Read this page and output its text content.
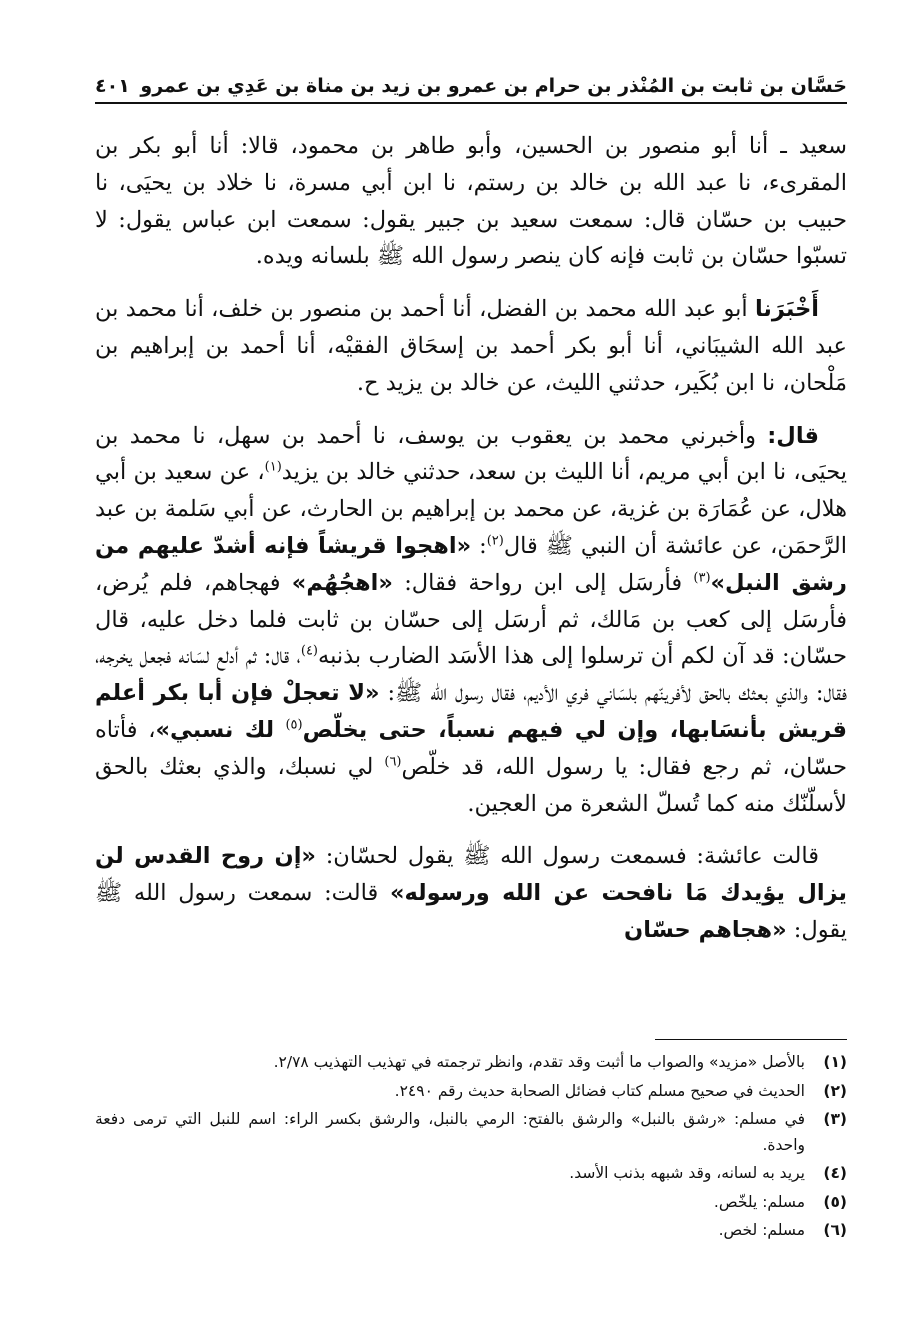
حَسَّان بن ثابت بن المُنْذر بن حرام بن عمرو بن زيد بن مناة بن عَدِي بن عمرو
٤٠١

سعيد ـ أنا أبو منصور بن الحسين، وأبو طاهر بن محمود، قالا: أنا أبو بكر بن المقرىء، نا عبد الله بن خالد بن رستم، نا ابن أبي مسرة، نا خلاد بن يحيَى، نا حبيب بن حسّان قال: سمعت سعيد بن جبير يقول: سمعت ابن عباس يقول: لا تسبّوا حسّان بن ثابت فإنه كان ينصر رسول الله ﷺ بلسانه ويده.

أَخْبَرَنا أبو عبد الله محمد بن الفضل، أنا أحمد بن منصور بن خلف، أنا محمد بن عبد الله الشيبَاني، أنا أبو بكر أحمد بن إسحَاق الفقيْه، أنا أحمد بن إبراهيم بن مَلْحان، نا ابن بُكَير، حدثني الليث، عن خالد بن يزيد ح.

قال: وأخبرني محمد بن يعقوب بن يوسف، نا أحمد بن سهل، نا محمد بن يحيَى، نا ابن أبي مريم، أنا الليث بن سعد، حدثني خالد بن يزيد$^{(١)}$، عن سعيد بن أبي هلال، عن عُمَارَة بن غزية، عن محمد بن إبراهيم بن الحارث، عن أبي سَلمة بن عبد الرَّحمَن، عن عائشة أن النبي ﷺ قال$^{(٢)}$: «اهجوا قريشاً فإنه أشدّ عليهم من رشق النبل»$^{(٣)}$ فأرسَل إلى ابن رواحة فقال: «اهجُهُم» فهجاهم، فلم يُرض، فأرسَل إلى كعب بن مَالك، ثم أرسَل إلى حسّان بن ثابت فلما دخل عليه، قال حسّان: قد آن لكم أن ترسلوا إلى هذا الأسَد الضارب بذنبه$^{(٤)}$، قال: ثم أدلع لسَانه فجعل يخرجه، فقال: والذي بعثك بالحق لأفرينّهم بلسَاني فري الأديم، فقال رسول الله ﷺ: «لا تعجلْ فإن أبا بكر أعلم قريش بأنسَابها، وإن لي فيهم نسباً، حتى يخلّص$^{(٥)}$ لك نسبي»، فأتاه حسّان، ثم رجع فقال: يا رسول الله، قد خلّص$^{(٦)}$ لي نسبك، والذي بعثك بالحق لأسلّنّك منه كما تُسلّ الشعرة من العجين.

قالت عائشة: فسمعت رسول الله ﷺ يقول لحسّان: «إن روح القدس لن يزال يؤيدك مَا نافحت عن الله ورسوله» قالت: سمعت رسول الله ﷺ يقول: «هجاهم حسّان

(١)
بالأصل «مزيد» والصواب ما أثبت وقد تقدم، وانظر ترجمته في تهذيب التهذيب ٢/٧٨.
(٢)
الحديث في صحيح مسلم كتاب فضائل الصحابة حديث رقم ٢٤٩٠.
(٣)
في مسلم: «رشق بالنبل» والرشق بالفتح: الرمي بالنبل، والرشق بكسر الراء: اسم للنبل التي ترمى دفعة واحدة.
(٤)
يريد به لسانه، وقد شبهه بذنب الأسد.
(٥)
مسلم: يلخّص.
(٦)
مسلم: لخص.
